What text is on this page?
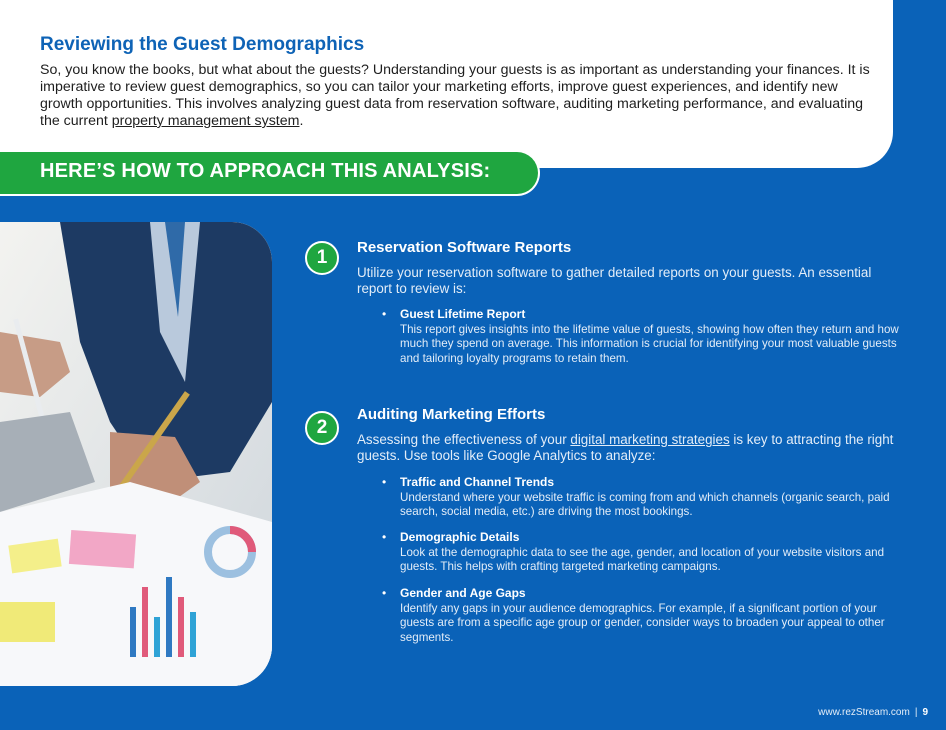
Reviewing the Guest Demographics

So, you know the books, but what about the guests? Understanding your guests is as important as understanding your finances. It is imperative to review guest demographics, so you can tailor your marketing efforts, improve guest experiences, and identify new growth opportunities. This involves analyzing guest data from reservation software, auditing marketing performance, and evaluating the current property management system.

HERE’S HOW TO APPROACH THIS ANALYSIS:

1 Reservation Software Reports

Utilize your reservation software to gather detailed reports on your guests. An essential report to review is:

•	Guest Lifetime Report

This report gives insights into the lifetime value of guests, showing how often they return and how much they spend on average. This information is crucial for identifying your most valuable guests and tailoring loyalty programs to retain them.

2

Auditing Marketing Efforts

Assessing the effectiveness of your digital marketing strategies is key to attracting the right guests. Use tools like Google Analytics to analyze:

•	Traffic and Channel Trends

Understand where your website traffic is coming from and which channels (organic search, paid search, social media, etc.) are driving the most bookings.

•	Demographic Details

Look at the demographic data to see the age, gender, and location of your website visitors and guests. This helps with crafting targeted marketing campaigns.

•	Gender and Age Gaps

Identify any gaps in your audience demographics. For example, if a significant portion of your guests are from a specific age group or gender, consider ways to broaden your appeal to other segments.

www.rezStream.com | 9
